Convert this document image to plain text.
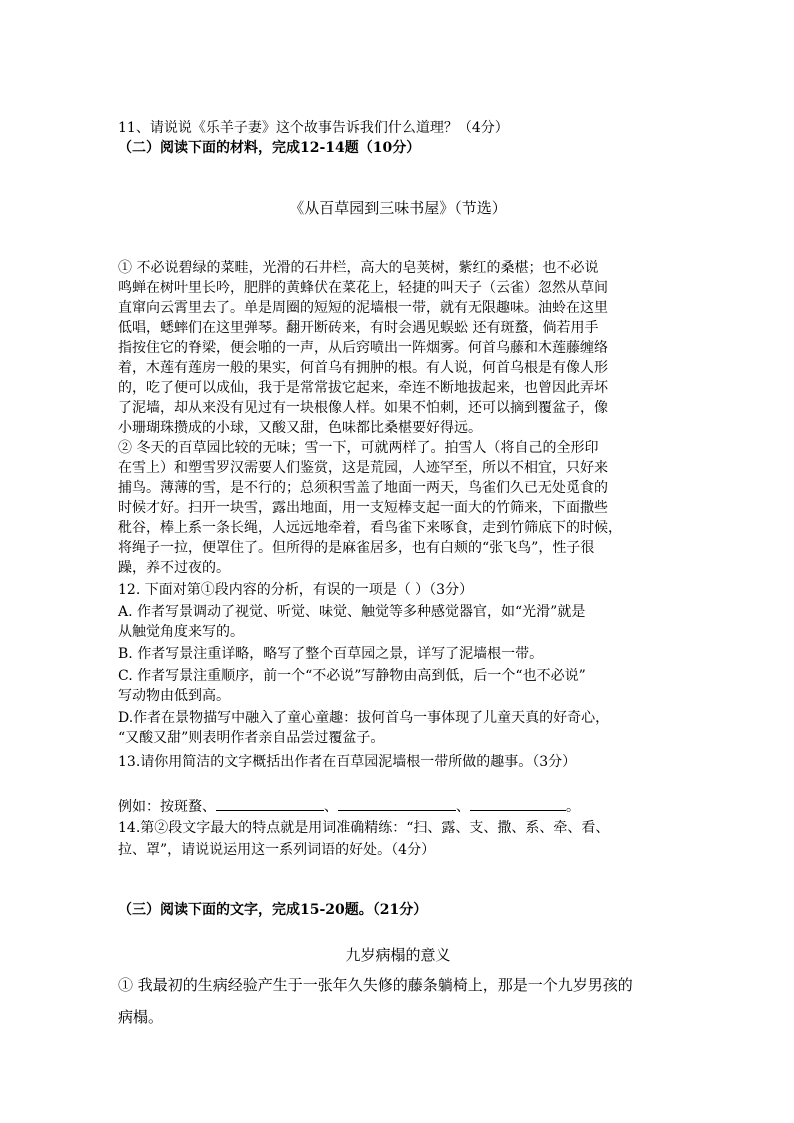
11、请说说《乐羊子妻》这个故事告诉我们什么道理？（4分）
（二）阅读下面的材料，完成12-14题（10分）
《从百草园到三味书屋》（节选）
① 不必说碧绿的菜畦，光滑的石井栏，高大的皂荚树，紫红的桑椹；也不必说
鸣蝉在树叶里长吟，肥胖的黄蜂伏在菜花上，轻捷的叫天子（云雀）忽然从草间
直窜向云霄里去了。单是周圈的短短的泥墙根一带，就有无限趣味。油蛉在这里
低唱，蟋蟀们在这里弹琴。翻开断砖来，有时会遇见蜈蚣 还有斑蝥，倘若用手
指按住它的脊梁，便会啪的一声，从后窍喷出一阵烟雾。何首乌藤和木莲藤缠络
着，木莲有莲房一般的果实，何首乌有拥肿的根。有人说，何首乌根是有像人形
的，吃了便可以成仙，我于是常常拔它起来，牵连不断地拔起来，也曾因此弄坏
了泥墙，却从来没有见过有一块根像人样。如果不怕刺，还可以摘到覆盆子，像
小珊瑚珠攒成的小球，又酸又甜，色味都比桑椹要好得远。
② 冬天的百草园比较的无味；雪一下，可就两样了。拍雪人（将自己的全形印
在雪上）和塑雪罗汉需要人们鉴赏，这是荒园，人迹罕至，所以不相宜，只好来
捕鸟。薄薄的雪，是不行的；总须积雪盖了地面一两天，鸟雀们久已无处觅食的
时候才好。扫开一块雪，露出地面，用一支短棒支起一面大的竹筛来，下面撒些
秕谷，棒上系一条长绳，人远远地牵着，看鸟雀下来啄食，走到竹筛底下的时候，
将绳子一拉，便罩住了。但所得的是麻雀居多，也有白颊的“张飞鸟”，性子很
躁，养不过夜的。
12. 下面对第①段内容的分析，有误的一项是（ ）（3分）
A. 作者写景调动了视觉、听觉、味觉、触觉等多种感觉器官，如“光滑”就是
从触觉角度来写的。
B. 作者写景注重详略，略写了整个百草园之景，详写了泥墙根一带。
C. 作者写景注重顺序，前一个“不必说”写静物由高到低，后一个“也不必说”
写动物由低到高。
D.作者在景物描写中融入了童心童趣：拔何首乌一事体现了儿童天真的好奇心，
“又酸又甜”则表明作者亲自品尝过覆盆子。
13.请你用简洁的文字概括出作者在百草园泥墙根一带所做的趣事。（3分）
例如：按斑蝥、	、	、	。
14.第②段文字最大的特点就是用词准确精练：“扫、露、支、撒、系、牵、看、
拉、罩”，请说说运用这一系列词语的好处。（4分）
（三）阅读下面的文字，完成15-20题。（21分）
九岁病榻的意义
① 我最初的生病经验产生于一张年久失修的藤条躺椅上，那是一个九岁男孩的
病榻。
